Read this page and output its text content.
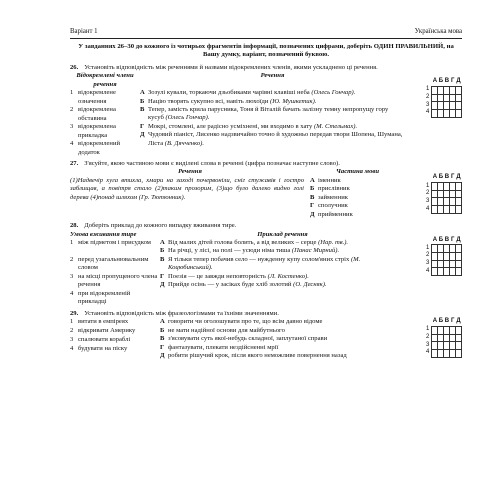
Варіант 1	Українська мова
У завданнях 26–30 до кожного із чотирьох фрагментів інформації, позначених цифрами, доберіть ОДИН ПРАВИЛЬНИЙ, на Вашу думку, варіант, позначений буквою.
26. Установіть відповідність між реченнями й назвами відокремлених членів, якими ускладнено ці речення.
Відокремлені члени речення
Речення
1 відокремлене означення
2 відокремлена обставина
3 відокремлена прикладка
4 відокремлений додаток
А Зозулі кували, торкаючи дзьобиками чарівні клавіші неба (Олесь Гончар).
Б Націю творять сукупно всі, навіть люхоїди (Ю. Мушкетик).
В Тепер, замість крила парусника, Тоня й Віталій бачать залізну темну непропущу гору кусуб (Олесь Гончар).
Г Мокрі, стомлені, але радісно усміхнені, ми входимо в хату (М. Стельмах).
Д Чудовий піаніст, Лисенко надзвичайно точно й художньо передав твори Шопена, Шумана, Ліста (В. Дячченко).
	А	Б	В	Г	Д
1					
2					
3					
4					
27. З'ясуйте, якою частиною мови є виділені слова в реченні (цифра позначає наступне слово).
Речення	Частина мови
(1)Надвечір хуга втихла, хмари на заході почервоніли, сніг стужавів і гостро заблищав, а повітря стало (2)таким прозорим, (3)що було далеко видно голі дерева (4)понад шляхом (Гр. Тютюнник).
А іменник
Б прислівник
В займенник
Г сполучник
Д прийменник
	А	Б	В	Г	Д
1					
2					
3					
4					
28. Доберіть приклад до кожного випадку вживання тире.
Умова вживання тире	Приклад речення
1 між підметом і присудком
2 перед узагальнювальним словом
3 на місці пропущеного члена речення
4 при відокремленій прикладці
А Від малих дітей голова болить, а від великих – серце (Нар. тв.).
Б На річці, у лісі, на полі — усюди німа тиша (Панас Мирний).
В Я тільки тепер побачив село — нужденну купу солом'яних стріх (М. Коцюбинський).
Г Поезія — це завжди неповторність (Л. Костенко).
Д Прийде осінь — у засіках буде хліб золотий (О. Десняк).
	А	Б	В	Г	Д
1					
2					
3					
4					
29. Установіть відповідність між фразеологізмами та їхніми значеннями.
1 витати в емпіреях
2 відкривати Америку
3 спалювати кораблі
4 будувати на піску
А говорити чи оголошувати про те, що всім давно відоме
Б не мати надійної основи для майбутнього
В з'ясовувати суть якої-небудь складної, заплутаної справи
Г фантазувати, плекати нездійсненні мрії
Д робити рішучий крок, після якого неможливе повернення назад
	А	Б	В	Г	Д
1					
2					
3					
4					
